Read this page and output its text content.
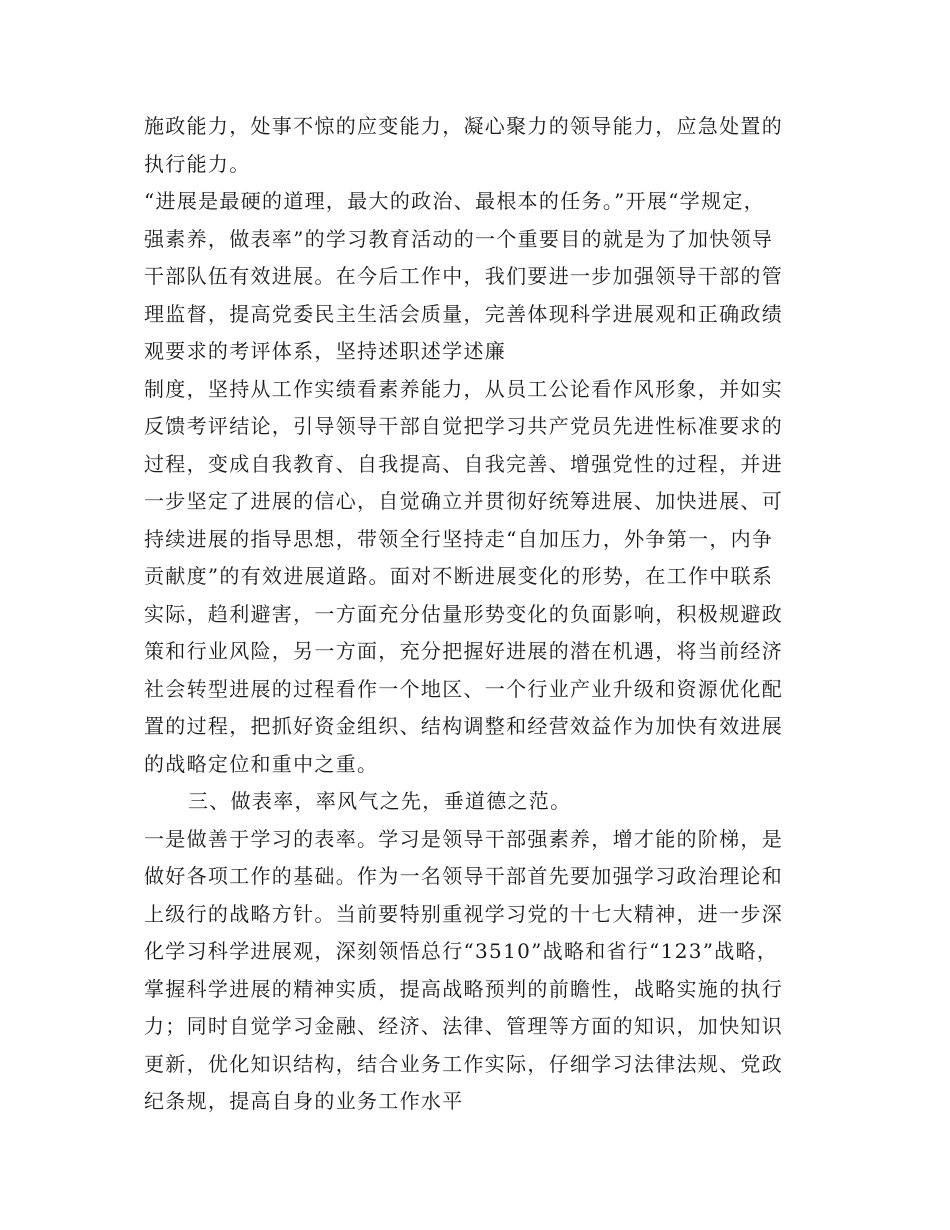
施政能力，处事不惊的应变能力，凝心聚力的领导能力，应急处置的
执行能力。
“进展是最硬的道理，最大的政治、最根本的任务。”开展“学规定，
强素养，做表率”的学习教育活动的一个重要目的就是为了加快领导
干部队伍有效进展。在今后工作中，我们要进一步加强领导干部的管
理监督，提高党委民主生活会质量，完善体现科学进展观和正确政绩
观要求的考评体系，坚持述职述学述廉
制度，坚持从工作实绩看素养能力，从员工公论看作风形象，并如实
反馈考评结论，引导领导干部自觉把学习共产党员先进性标准要求的
过程，变成自我教育、自我提高、自我完善、增强党性的过程，并进
一步坚定了进展的信心，自觉确立并贯彻好统筹进展、加快进展、可
持续进展的指导思想，带领全行坚持走“自加压力，外争第一，内争
贡献度”的有效进展道路。面对不断进展变化的形势，在工作中联系
实际，趋利避害，一方面充分估量形势变化的负面影响，积极规避政
策和行业风险，另一方面，充分把握好进展的潜在机遇，将当前经济
社会转型进展的过程看作一个地区、一个行业产业升级和资源优化配
置的过程，把抓好资金组织、结构调整和经营效益作为加快有效进展
的战略定位和重中之重。
三、做表率，率风气之先，垂道德之范。
一是做善于学习的表率。学习是领导干部强素养，增才能的阶梯，是
做好各项工作的基础。作为一名领导干部首先要加强学习政治理论和
上级行的战略方针。当前要特别重视学习党的十七大精神，进一步深
化学习科学进展观，深刻领悟总行“3510”战略和省行“123”战略，
掌握科学进展的精神实质，提高战略预判的前瞻性，战略实施的执行
力；同时自觉学习金融、经济、法律、管理等方面的知识，加快知识
更新，优化知识结构，结合业务工作实际，仔细学习法律法规、党政
纪条规，提高自身的业务工作水平
